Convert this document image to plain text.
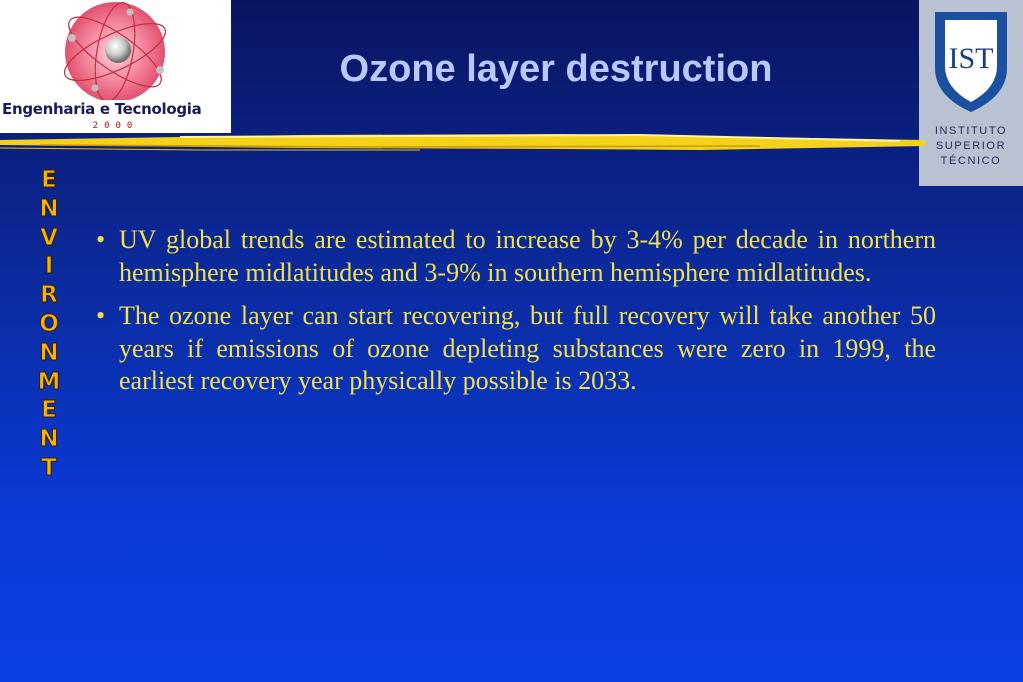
Engenharia e Tecnologia
2000
Ozone layer destruction	IST
INSTITUTO
SUPERIOR
TÉCNICO
E
N
V
I
R
O
N
M
E
N
T
• UV global trends are estimated to increase by 3-4% per decade in northern hemisphere midlatitudes and 3-9% in southern hemisphere midlatitudes.
• The ozone layer can start recovering, but full recovery will take another 50 years if emissions of ozone depleting substances were zero in 1999, the earliest recovery year physically possible is 2033.
